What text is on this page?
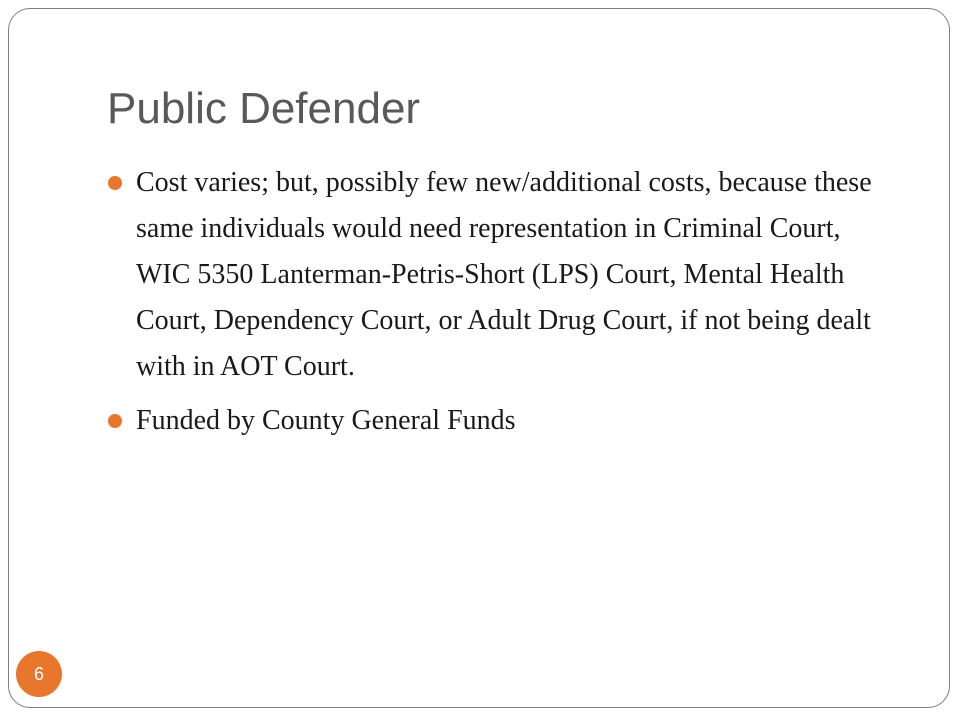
Public Defender
Cost varies; but, possibly few new/additional costs, because these same individuals would need representation in Criminal Court, WIC 5350 Lanterman-Petris-Short (LPS) Court, Mental Health Court, Dependency Court, or Adult Drug Court, if not being dealt with in AOT Court.
Funded by County General Funds
6
